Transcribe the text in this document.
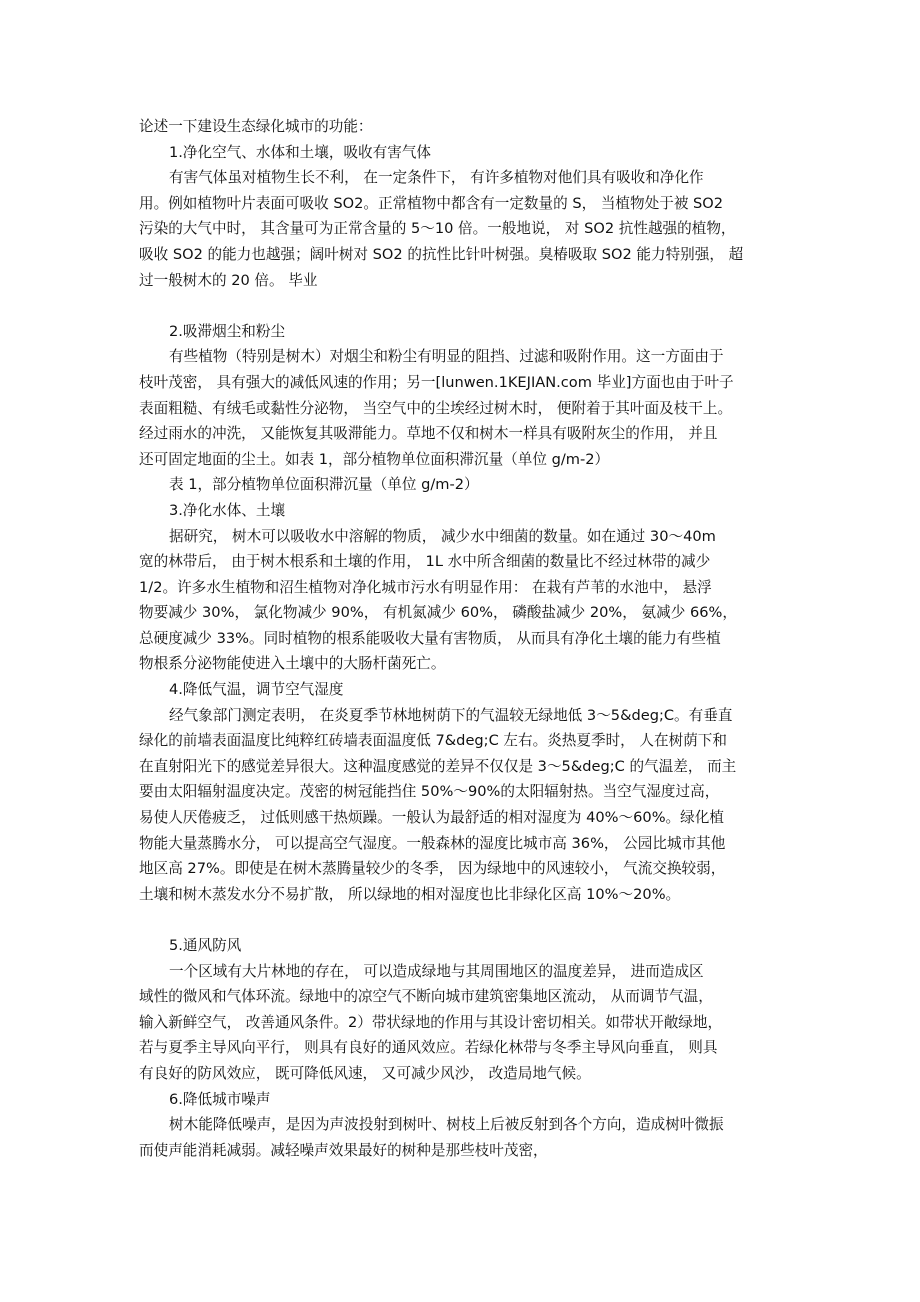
论述一下建设生态绿化城市的功能：
1.净化空气、水体和土壤，吸收有害气体
有害气体虽对植物生长不利， 在一定条件下， 有许多植物对他们具有吸收和净化作
用。例如植物叶片表面可吸收 SO2。正常植物中都含有一定数量的 S， 当植物处于被 SO2
污染的大气中时， 其含量可为正常含量的 5～10 倍。一般地说， 对 SO2 抗性越强的植物，
吸收 SO2 的能力也越强；阔叶树对 SO2 的抗性比针叶树强。臭椿吸取 SO2 能力特别强， 超
过一般树木的 20 倍。 毕业
2.吸滞烟尘和粉尘
有些植物（特别是树木）对烟尘和粉尘有明显的阻挡、过滤和吸附作用。这一方面由于
枝叶茂密， 具有强大的减低风速的作用；另一[lunwen.1KEJIAN.com 毕业]方面也由于叶子
表面粗糙、有绒毛或黏性分泌物， 当空气中的尘埃经过树木时， 便附着于其叶面及枝干上。
经过雨水的冲洗， 又能恢复其吸滞能力。草地不仅和树木一样具有吸附灰尘的作用， 并且
还可固定地面的尘土。如表 1，部分植物单位面积滞沉量（单位 g/m-2）
表 1，部分植物单位面积滞沉量（单位 g/m-2）
3.净化水体、土壤
据研究， 树木可以吸收水中溶解的物质， 减少水中细菌的数量。如在通过 30～40m
宽的林带后， 由于树木根系和土壤的作用， 1L 水中所含细菌的数量比不经过林带的减少
1/2。许多水生植物和沼生植物对净化城市污水有明显作用： 在栽有芦苇的水池中， 悬浮
物要减少 30%， 氯化物减少 90%， 有机氮减少 60%， 磷酸盐减少 20%， 氨减少 66%，
总硬度减少 33%。同时植物的根系能吸收大量有害物质， 从而具有净化土壤的能力有些植
物根系分泌物能使进入土壤中的大肠杆菌死亡。
4.降低气温，调节空气湿度
经气象部门测定表明， 在炎夏季节林地树荫下的气温较无绿地低 3～5&deg;C。有垂直
绿化的前墙表面温度比纯粹红砖墙表面温度低 7&deg;C 左右。炎热夏季时， 人在树荫下和
在直射阳光下的感觉差异很大。这种温度感觉的差异不仅仅是 3～5&deg;C 的气温差， 而主
要由太阳辐射温度决定。茂密的树冠能挡住 50%～90%的太阳辐射热。当空气湿度过高，
易使人厌倦疲乏， 过低则感干热烦躁。一般认为最舒适的相对湿度为 40%～60%。绿化植
物能大量蒸腾水分， 可以提高空气湿度。一般森林的湿度比城市高 36%， 公园比城市其他
地区高 27%。即使是在树木蒸腾量较少的冬季， 因为绿地中的风速较小， 气流交换较弱，
土壤和树木蒸发水分不易扩散， 所以绿地的相对湿度也比非绿化区高 10%～20%。
5.通风防风
一个区域有大片林地的存在， 可以造成绿地与其周围地区的温度差异， 进而造成区
域性的微风和气体环流。绿地中的凉空气不断向城市建筑密集地区流动， 从而调节气温，
输入新鲜空气， 改善通风条件。2）带状绿地的作用与其设计密切相关。如带状开敞绿地，
若与夏季主导风向平行， 则具有良好的通风效应。若绿化林带与冬季主导风向垂直， 则具
有良好的防风效应， 既可降低风速， 又可减少风沙， 改造局地气候。
6.降低城市噪声
树木能降低噪声，是因为声波投射到树叶、树枝上后被反射到各个方向，造成树叶微振
而使声能消耗减弱。减轻噪声效果最好的树种是那些枝叶茂密，
